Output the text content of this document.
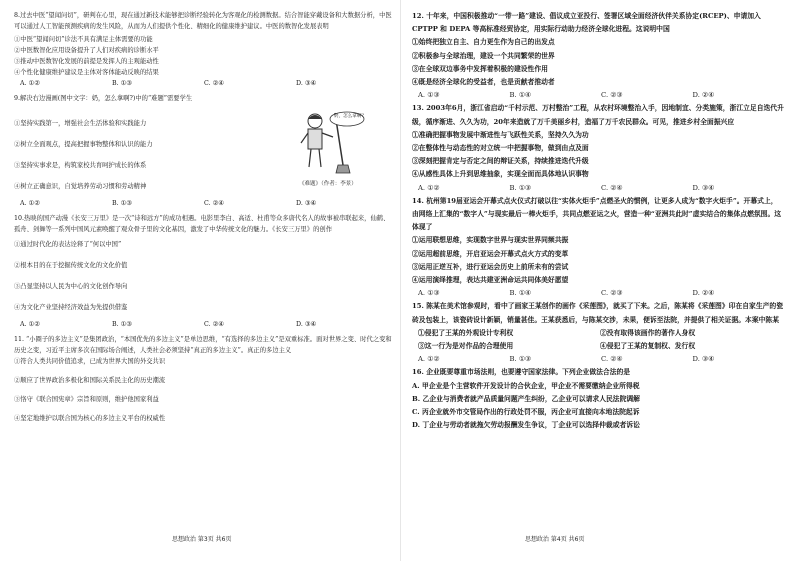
8.过去中医“望闻问切”，研判在心里，现在通过新技术能够把诊断经验转化为客观化的检测数据。结合智能穿戴设备和大数据分析，中医可以通过人工智能预测疾病的发生风险，从而为人们提供个性化、精细化的健康维护建议。中医的数智化发展表明

①中医“望闻问切”诊法不具有满足主体需要的功能

②中医数智化应用设备提升了人们对疾病的诊断水平

③推动中医数智化发展的前提是发挥人的主观能动性

④个性化健康维护建议是主体对客体能动反映的结果

A. ①②	B. ①③	C. ②④	D. ③④

9.解决右边漫画(图中文字：奶，怎么拿啊?)中的“难题”需要学生

①坚持实践第一，增强社会生活体验和实践能力

②树立全面观点，提高把握事物整体和认识的能力

③坚持实事求是，构筑家校共育呵护成长的体系

④树立正确意识，自觉培养劳动习惯和劳动精神

A. ①②	B. ①③	C. ②④	D. ③④
奶，怎么拿啊？
《难题》（作者：李景）

10.热映的国产动漫《长安三万里》是一次“诗和远方”的成功相遇。电影里李白、高适、杜甫等众多唐代名人的故事被串联起来，仙鹤、孤舟、剑舞等一系列中国风元素唤醒了观众骨子里的文化基因，激发了中华传统文化的魅力。《长安三万里》的创作

①通过时代化的表达诠释了“何以中国”

②根本目的在于挖掘传统文化的文化价值

③凸显坚持以人民为中心的文化创作导向

④为文化产业坚持经济效益为先提供借鉴

A. ①②	B. ①③	C. ②④	D. ③④

11. “小圈子的多边主义”是集团政治，“本国优先的多边主义”是单边思维，“有选择的多边主义”是双重标准。面对世界之变、时代之变和历史之变，习近平主席多次在国际场合阐述，人类社会必须坚持“真正的多边主义”。真正的多边主义

①符合人类共同价值追求，已成为世界大国的外交共识

②顺应了世界政治多极化和国际关系民主化的历史潮流

③恪守《联合国宪章》宗旨和原则，维护他国家利益

④坚定地维护以联合国为核心的多边主义平台的权威性

思想政治 第3页 共6页

12. 十年来，中国积极推动“一带一路”建设、倡议成立亚投行、签署区域全面经济伙伴关系协定(RCEP)、申请加入CPTPP 和 DEPA 等高标准经贸协定，用实际行动助力经济全球化进程。这说明中国

①始终把独立自主、自力更生作为自己的出发点

②积极参与全球治理，建设一个共同繁荣的世界

③在全球双边事务中发挥着积极的建设性作用

④既是经济全球化的受益者，也是贡献者推动者

A. ①③	B. ①④	C. ②③	D. ②④

13. 2003年6月，浙江省启动“千村示范、万村整治”工程，从农村环境整治入手，因地制宜、分类施策，浙江立足自迭代升级，循序渐进、久久为功，20年来造就了万千美丽乡村，造福了万千农民群众。可见，推进乡村全面振兴应

①准确把握事物发展中渐进性与飞跃性关系，坚持久久为功

②在整体性与动态性的对立统一中把握事物，做到由点及面

③深刻把握肯定与否定之间的辩证关系，持续推进迭代升级

④从感性具体上升到思维抽象，实现全面而具体地认识事物

A. ①②	B. ①③	C. ②④	D. ③④

14. 杭州第19届亚运会开幕式点火仪式打破以往“实体火炬手”点燃圣火的惯例，让更多人成为“数字火炬手”。开幕式上，由网络上汇集的“数字人”与现实最后一棒火炬手，共同点燃亚运之火，营造一种“亚洲共此时”虚实结合的集体点燃氛围。这体现了

①运用联想思维，实现数字世界与现实世界同频共振

②运用超前思维，开启亚运会开幕式点火方式的变革

③运用正逆互补，进行亚运会历史上前所未有的尝试

④运用演绎推理，表达共建亚洲命运共同体美好愿望

A. ①③	B. ①④	C. ②③	D. ②④

15. 陈某在美术馆参观时，看中了画家王某创作的画作《采莲图》，就买了下来。之后，陈某将《采莲图》印在自家生产的瓷砖及包装上，该瓷砖设计新颖，销量甚佳。王某获悉后，与陈某交涉，未果，便诉至法院，并提供了相关证据。本案中陈某

①侵犯了王某的外观设计专利权	②没有取得该画作的著作人身权
③这一行为是对作品的合理使用	④侵犯了王某的复制权、发行权
A. ①②	B. ①③	C. ②④	D. ③④

16. 企业既要尊重市场法则，也要遵守国家法律。下列企业做法合法的是

A. 甲企业是个主营软件开发设计的合伙企业，甲企业不需要缴纳企业所得税

B. 乙企业与消费者就产品质量问题产生纠纷，乙企业可以请求人民法院调解

C. 丙企业就外市交管局作出的行政处罚不服，丙企业可直接向本地法院起诉

D. 丁企业与劳动者就拖欠劳动报酬发生争议，丁企业可以选择仲裁或者诉讼

思想政治 第4页 共6页
